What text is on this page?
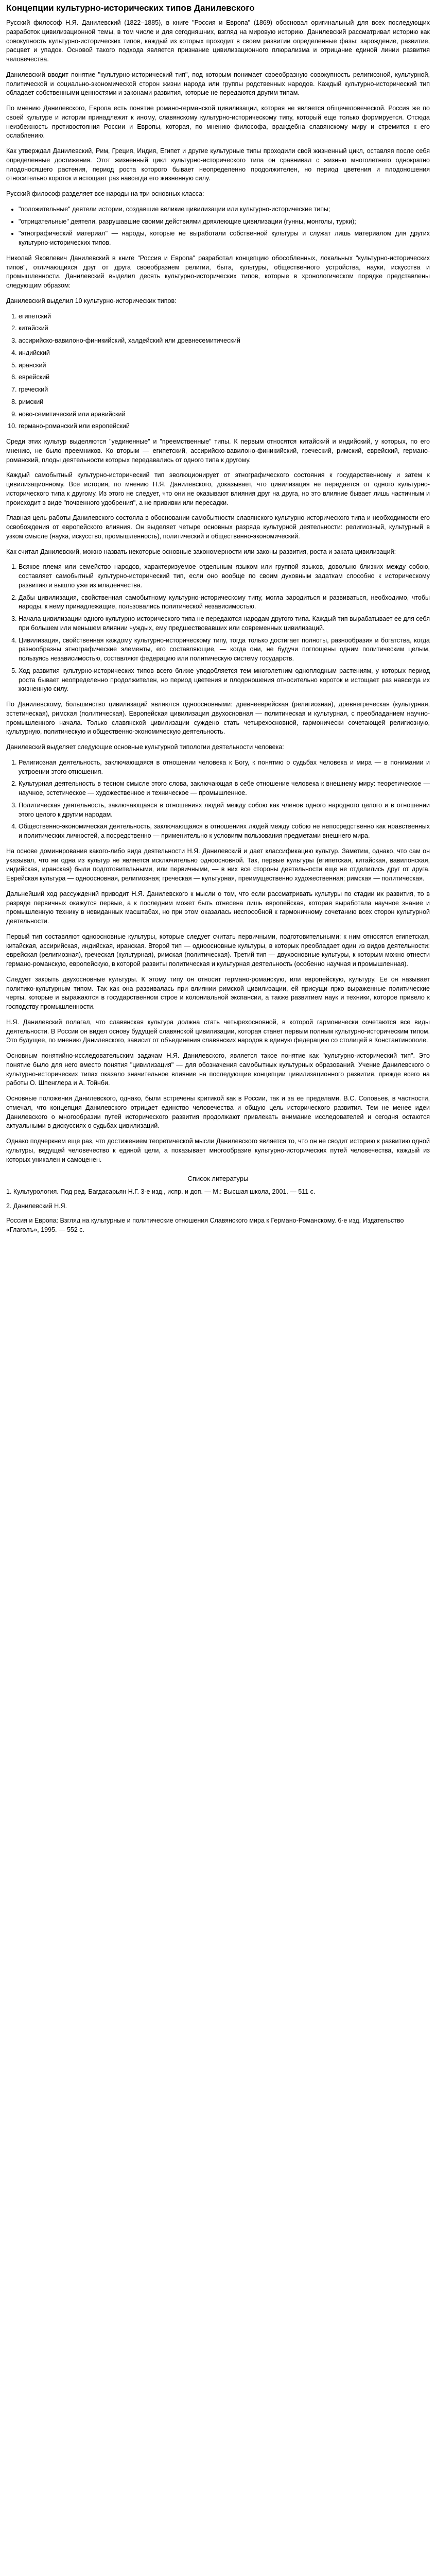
Концепции культурно-исторических типов Данилевского

Русский философ Н.Я. Данилевский (1822–1885), в книге "Россия и Европа" (1869) обосновал оригинальный для всех последующих разработок цивилизационной темы, в том числе и для сегодняшних, взгляд на мировую историю. Данилевский рассматривал историю как совокупность культурно-исторических типов, каждый из которых проходит в своем развитии определенные фазы: зарождение, развитие, расцвет и упадок. Основой такого подхода является признание цивилизационного плюрализма и отрицание единой линии развития человечества.

Данилевский вводит понятие "культурно-исторический тип", под которым понимает своеобразную совокупность религиозной, культурной, политической и социально-экономической сторон жизни народа или группы родственных народов. Каждый культурно-исторический тип обладает собственными ценностями и законами развития, которые не передаются другим типам.

По мнению Данилевского, Европа есть понятие романо-германской цивилизации, которая не является общечеловеческой. Россия же по своей культуре и истории принадлежит к иному, славянскому культурно-историческому типу, который еще только формируется. Отсюда неизбежность противостояния России и Европы, которая, по мнению философа, враждебна славянскому миру и стремится к его ослаблению.

Как утверждал Данилевский, Рим, Греция, Индия, Египет и другие культурные типы проходили свой жизненный цикл, оставляя после себя определенные достижения. Этот жизненный цикл культурно-исторического типа он сравнивал с жизнью многолетнего однократно плодоносящего растения, период роста которого бывает неопределенно продолжителен, но период цветения и плодоношения относительно короток и истощает раз навсегда его жизненную силу.

Русский философ разделяет все народы на три основных класса:

• "положительные" деятели истории, создавшие великие цивилизации или культурно-исторические типы;
• "отрицательные" деятели, разрушавшие своими действиями дряхлеющие цивилизации (гунны, монголы, турки);
• "этнографический материал" — народы, которые не выработали собственной культуры и служат лишь материалом для других культурно-исторических типов.

Николай Яковлевич Данилевский в книге "Россия и Европа" разработал концепцию обособленных, локальных "культурно-исторических типов", отличающихся друг от друга своеобразием религии, быта, культуры, общественного устройства, науки, искусства и промышленности. Данилевский выделил десять культурно-исторических типов, которые в хронологическом порядке представлены следующим образом:

Данилевский выделил 10 культурно-исторических типов:

1. египетский
2. китайский
3. ассирийско-вавилоно-финикийский, халдейский или древнесемитический
4. индийский
5. иранский
6. еврейский
7. греческий
8. римский
9. ново-семитический или аравийский
10. германо-романский или европейский

Среди этих культур выделяются "уединенные" и "преемственные" типы. К первым относятся китайский и индийский, у которых, по его мнению, не было преемников. Ко вторым — египетский, ассирийско-вавилоно-финикийский, греческий, римский, еврейский, германо-романский, плоды деятельности которых передавались от одного типа к другому.

Каждый самобытный культурно-исторический тип эволюционирует от этнографического состояния к государственному и затем к цивилизационному. Все истоpия, по мнению Н.Я. Данилевского, доказывает, что цивилизация не передается от одного культурно-исторического типа к другому. Из этого не следует, что они не оказывают влияния друг на друга, но это влияние бывает лишь частичным и происходит в виде "почвенного удобрения", а не прививки или пересадки.

Главная цель работы Данилевского состояла в обосновании самобытности славянского культурно-исторического типа и необходимости его освобождения от европейского влияния. Он выделяет четыре основных разряда культурной деятельности: религиозный, культурный в узком смысле (наука, искусство, промышленность), политический и общественно-экономический.

Как считал Данилевский, можно назвать некоторые основные закономерности или законы развития, роста и заката цивилизаций:

1. Всякое племя или семейство народов, характеризуемое отдельным языком или группой языков, довольно близких между собою, составляет самобытный культурно-исторический тип, если оно вообще по своим духовным задаткам способно к историческому развитию и вышло уже из младенчества.
2. Дабы цивилизация, свойственная самобытному культурно-историческому типу, могла зародиться и развиваться, необходимо, чтобы народы, к нему принадлежащие, пользовались политической независимостью.
3. Начала цивилизации одного культурно-исторического типа не передаются народам другого типа. Каждый тип вырабатывает ее для себя при большем или меньшем влиянии чуждых, ему предшествовавших или современных цивилизаций.
4. Цивилизация, свойственная каждому культурно-историческому типу, тогда только достигает полноты, разнообразия и богатства, когда разнообразны этнографические элементы, его составляющие, — когда они, не будучи поглощены одним политическим целым, пользуясь независимостью, составляют федерацию или политическую систему государств.
5. Ход развития культурно-исторических типов всего ближе уподобляется тем многолетним одноплодным растениям, у которых период роста бывает неопределенно продолжителен, но период цветения и плодоношения относительно короток и истощает раз навсегда их жизненную силу.

По Данилевскому, большинство цивилизаций являются одноосновными: древнееврейская (религиозная), древнегреческая (культурная, эстетическая), римская (политическая). Европейская цивилизация двухосновная — политическая и культурная, с преобладанием научно-промышленного начала. Только славянской цивилизации суждено стать четырехосновной, гармонически сочетающей религиозную, культурную, политическую и общественно-экономическую деятельность.

Данилевский выделяет следующие основные культурной типологии деятельности человека:

1. Религиозная деятельность, заключающаяся в отношении человека к Богу, к понятию о судьбах человека и мира — в понимании и устроении этого отношения.
2. Культурная деятельность в тесном смысле этого слова, заключающая в себе отношение человека к внешнему миру: теоретическое — научное, эстетическое — художественное и техническое — промышленное.
3. Политическая деятельность, заключающаяся в отношениях людей между собою как членов одного народного целого и в отношении этого целого к другим народам.
4. Общественно-экономическая деятельность, заключающаяся в отношениях людей между собою не непосредственно как нравственных и политических личностей, а посредственно — применительно к условиям пользования предметами внешнего мира.

На основе доминирования какого-либо вида деятельности Н.Я. Данилевский и дает классификацию культур. Заметим, однако, что сам он указывал, что ни одна из культур не является исключительно одноосновной. Так, первые культуры (египетская, китайская, вавилонская, индийская, иранская) были подготовительными, или первичными, — в них все стороны деятельности еще не отделились друг от друга. Еврейская культура — одноосновная, религиозная; греческая — культурная, преимущественно художественная; римская — политическая.

Дальнейший ход рассуждений приводит Н.Я. Данилевского к мысли о том, что если рассматривать культуры по стадии их развития, то в разряде первичных окажутся первые, а к последним может быть отнесена лишь европейская, которая выработала научное знание и промышленную технику в невиданных масштабах, но при этом оказалась неспособной к гармоничному сочетанию всех сторон культурной деятельности.

Первый тип составляют одноосновные культуры, которые следует считать первичными, подготовительными; к ним относятся египетская, китайская, ассирийская, индийская, иранская. Второй тип — одноосновные культуры, в которых преобладает один из видов деятельности: еврейская (религиозная), греческая (культурная), римская (политическая). Третий тип — двухосновные культуры, к которым можно отнести германо-романскую, европейскую, в которой развиты политическая и культурная деятельность (особенно научная и промышленная).

Следует закрыть двухосновные культуры. К этому типу он относит германо-романскую, или европейскую, культуру. Ее он называет политико-культурным типом. Так как она развивалась при влиянии римской цивилизации, ей присущи ярко выраженные политические черты, которые и выражаются в государственном строе и колониальной экспансии, а также развитием наук и техники, которое привело к господству промышленности.

Н.Я. Данилевский полагал, что славянская культура должна стать четырехосновной, в которой гармонически сочетаются все виды деятельности. В России он видел основу будущей славянской цивилизации, которая станет первым полным культурно-историческим типом. Это будущее, по мнению Данилевского, зависит от объединения славянских народов в единую федерацию со столицей в Константинополе.

Основным понятийно-исследовательским задачам Н.Я. Данилевского, является такое понятие как "культурно-исторический тип". Это понятие было для него вместо понятия "цивилизация" — для обозначения самобытных культурных образований. Учение Данилевского о культурно-исторических типах оказало значительное влияние на последующие концепции цивилизационного развития, прежде всего на работы О. Шпенглера и А. Тойнби.

Основные положения Данилевского, однако, были встречены критикой как в России, так и за ее пределами. В.С. Соловьев, в частности, отмечал, что концепция Данилевского отрицает единство человечества и общую цель исторического развития. Тем не менее идеи Данилевского о многообразии путей исторического развития продолжают привлекать внимание исследователей и сегодня остаются актуальными в дискуссиях о судьбах цивилизаций.

Однако подчеркнем еще раз, что достижением теоретической мысли Данилевского является то, что он не сводит историю к развитию одной культуры, ведущей человечество к единой цели, а показывает многообразие культурно-исторических путей человечества, каждый из которых уникален и самоценен.

Список литературы

1. Культурология. Под ред. Багдасарьян Н.Г. 3-е изд., испр. и доп. — М.: Высшая школа, 2001. — 511 с.

2. Данилевский Н.Я.

Россия и Европа: Взгляд на культурные и политические отношения Славянского мира к Германо-Романскому. 6-е изд. Издательство «Глаголъ», 1995. — 552 с.
